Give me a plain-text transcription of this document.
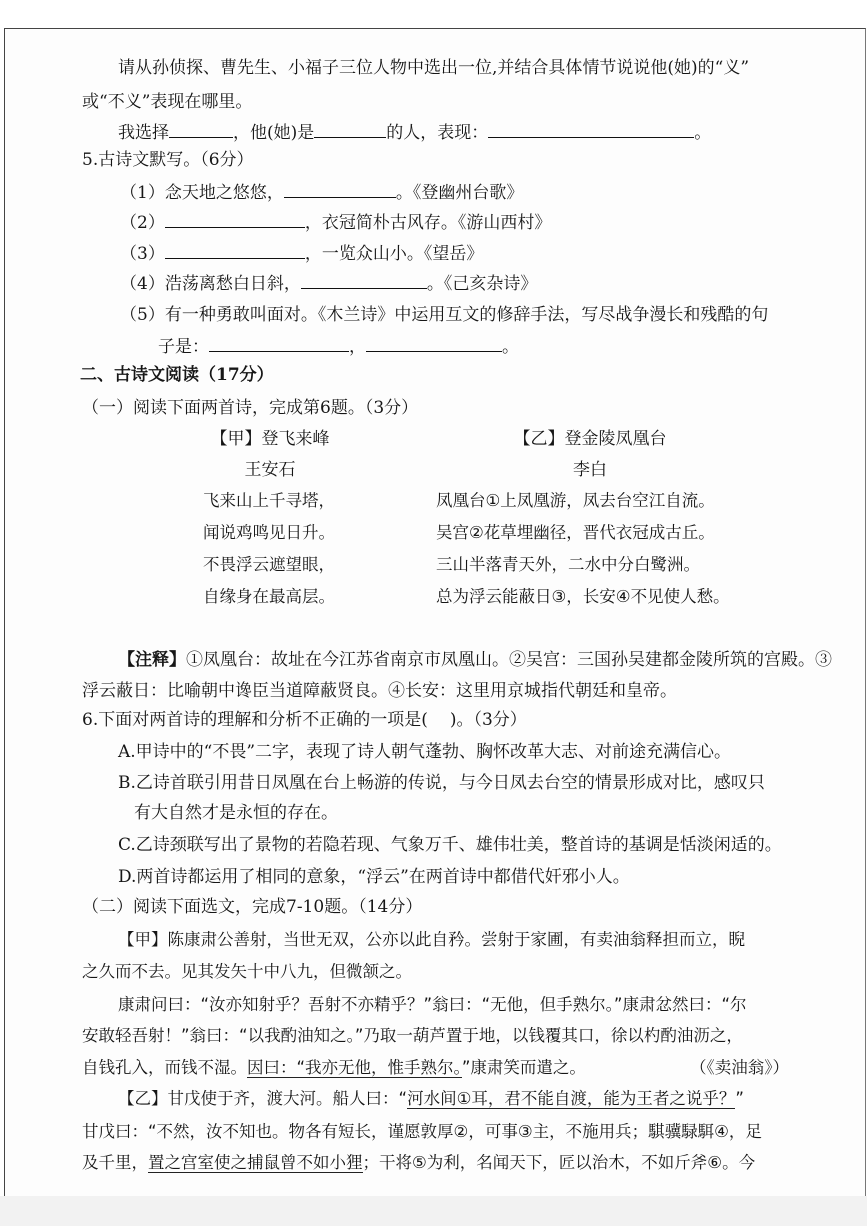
请从孙侦探、曹先生、小福子三位人物中选出一位,并结合具体情节说说他(她)的“义”
或“不义”表现在哪里。
我选择	，他(她)是	的人，表现：	。
5.古诗文默写。（6分）
（1）念天地之悠悠，	。《登幽州台歌》
（2）	，衣冠简朴古风存。《游山西村》
（3）	，一览众山小。《望岳》
（4）浩荡离愁白日斜，	。《己亥杂诗》
（5）有一种勇敢叫面对。《木兰诗》中运用互文的修辞手法，写尽战争漫长和残酷的句
子是：	，	。
二、古诗文阅读（17分）
（一）阅读下面两首诗，完成第6题。（3分）
【甲】登飞来峰
王安石
飞来山上千寻塔，
闻说鸡鸣见日升。
不畏浮云遮望眼，
自缘身在最高层。
【乙】登金陵凤凰台
李白
凤凰台①上凤凰游，凤去台空江自流。
吴宫②花草埋幽径，晋代衣冠成古丘。
三山半落青天外，二水中分白鹭洲。
总为浮云能蔽日③，长安④不见使人愁。
【注释】①凤凰台：故址在今江苏省南京市凤凰山。②吴宫：三国孙吴建都金陵所筑的宫殿。③
浮云蔽日：比喻朝中谗臣当道障蔽贤良。④长安：这里用京城指代朝廷和皇帝。
6.下面对两首诗的理解和分析不正确的一项是( )。（3分）
A.甲诗中的“不畏”二字，表现了诗人朝气蓬勃、胸怀改革大志、对前途充满信心。
B.乙诗首联引用昔日凤凰在台上畅游的传说，与今日凤去台空的情景形成对比，感叹只
有大自然才是永恒的存在。
C.乙诗颈联写出了景物的若隐若现、气象万千、雄伟壮美，整首诗的基调是恬淡闲适的。
D.两首诗都运用了相同的意象，“浮云”在两首诗中都借代奸邪小人。
（二）阅读下面选文，完成7-10题。（14分）
【甲】陈康肃公善射，当世无双，公亦以此自矜。尝射于家圃，有卖油翁释担而立，睨
之久而不去。见其发矢十中八九，但微颔之。
康肃问曰：“汝亦知射乎？吾射不亦精乎？”翁曰：“无他，但手熟尔。”康肃忿然曰：“尔
安敢轻吾射！”翁曰：“以我酌油知之。”乃取一葫芦置于地，以钱覆其口，徐以杓酌油沥之，
自钱孔入，而钱不湿。因曰：“我亦无他，惟手熟尔。”康肃笑而遣之。	（《卖油翁》）
【乙】甘戊使于齐，渡大河。船人曰：“河水间①耳，君不能自渡，能为王者之说乎？”
甘戊曰：“不然，汝不知也。物各有短长，谨愿敦厚②，可事③主，不施用兵；騏骥騄駬④，足
及千里，置之宫室使之捕鼠曾不如小狸；干将⑤为利，名闻天下，匠以治木，不如斤斧⑥。今
